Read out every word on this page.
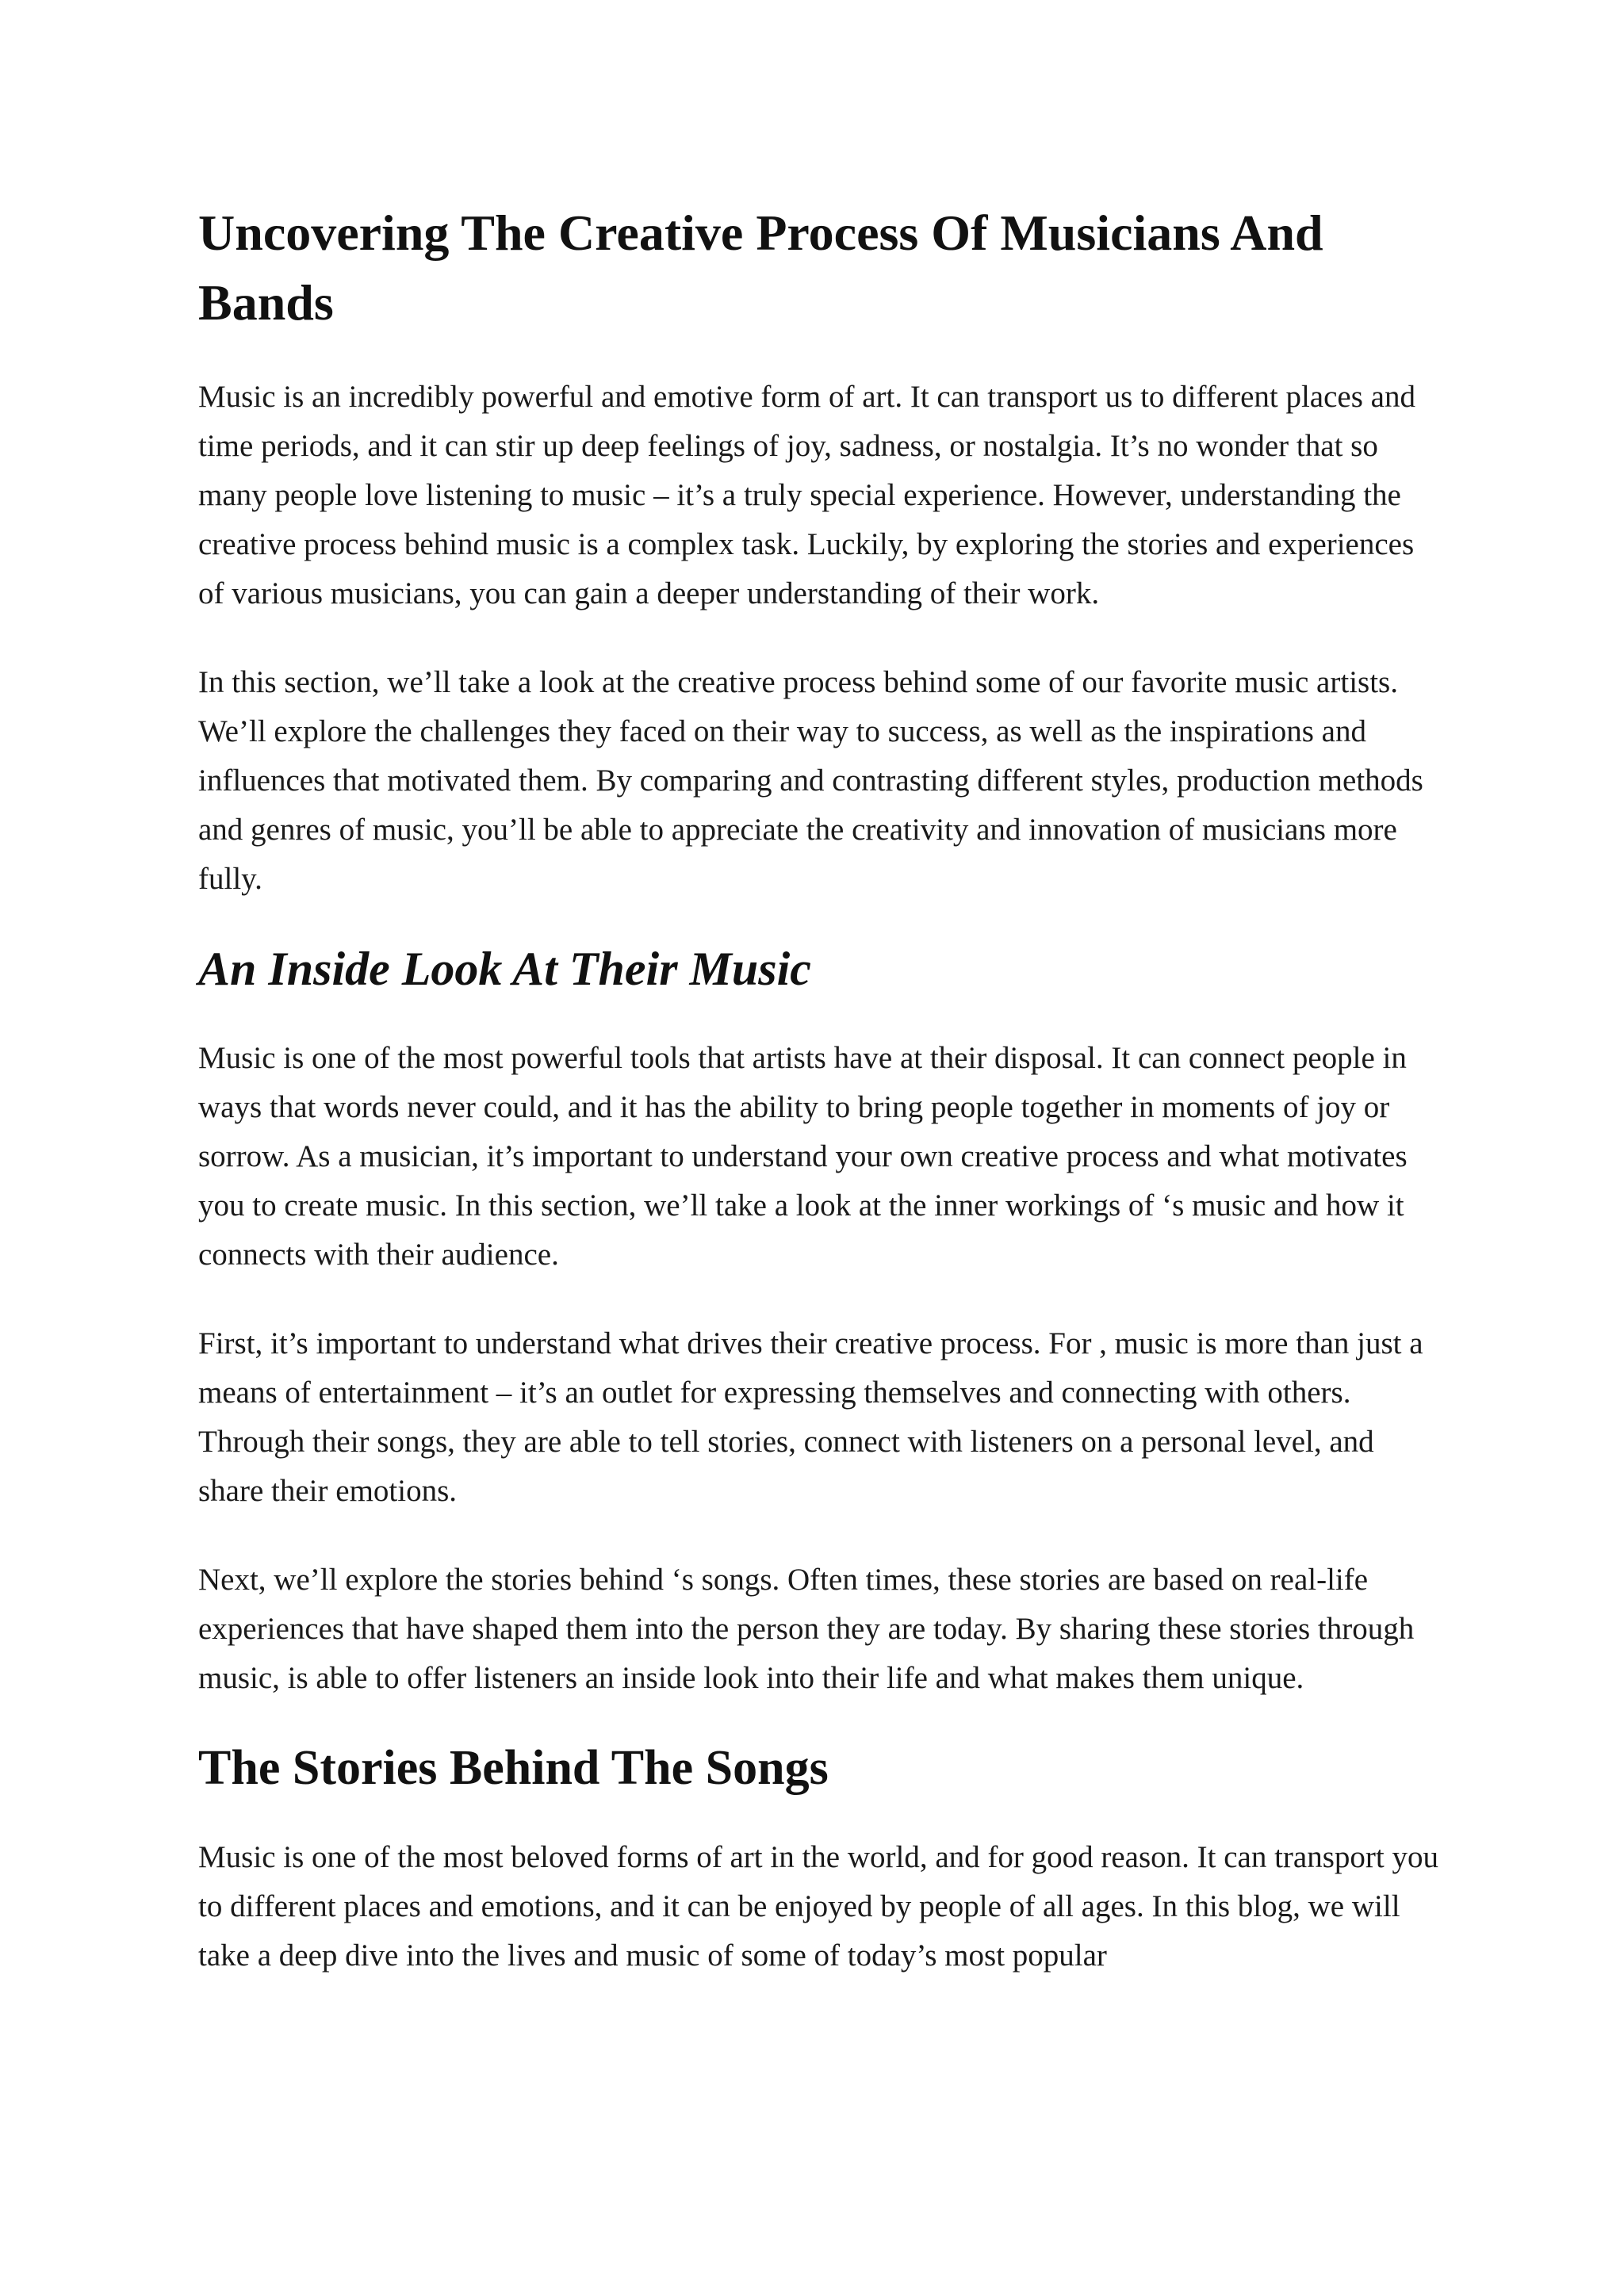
Uncovering The Creative Process Of Musicians And Bands

Music is an incredibly powerful and emotive form of art. It can transport us to different places and time periods, and it can stir up deep feelings of joy, sadness, or nostalgia. It’s no wonder that so many people love listening to music – it’s a truly special experience. However, understanding the creative process behind music is a complex task. Luckily, by exploring the stories and experiences of various musicians, you can gain a deeper understanding of their work.

In this section, we’ll take a look at the creative process behind some of our favorite music artists. We’ll explore the challenges they faced on their way to success, as well as the inspirations and influences that motivated them. By comparing and contrasting different styles, production methods and genres of music, you’ll be able to appreciate the creativity and innovation of musicians more fully.

An Inside Look At Their Music

Music is one of the most powerful tools that artists have at their disposal. It can connect people in ways that words never could, and it has the ability to bring people together in moments of joy or sorrow. As a musician, it’s important to understand your own creative process and what motivates you to create music. In this section, we’ll take a look at the inner workings of ‘s music and how it connects with their audience.

First, it’s important to understand what drives their creative process. For , music is more than just a means of entertainment – it’s an outlet for expressing themselves and connecting with others. Through their songs, they are able to tell stories, connect with listeners on a personal level, and share their emotions.

Next, we’ll explore the stories behind ‘s songs. Often times, these stories are based on real-life experiences that have shaped them into the person they are today. By sharing these stories through music, is able to offer listeners an inside look into their life and what makes them unique.

The Stories Behind The Songs

Music is one of the most beloved forms of art in the world, and for good reason. It can transport you to different places and emotions, and it can be enjoyed by people of all ages. In this blog, we will take a deep dive into the lives and music of some of today’s most popular
